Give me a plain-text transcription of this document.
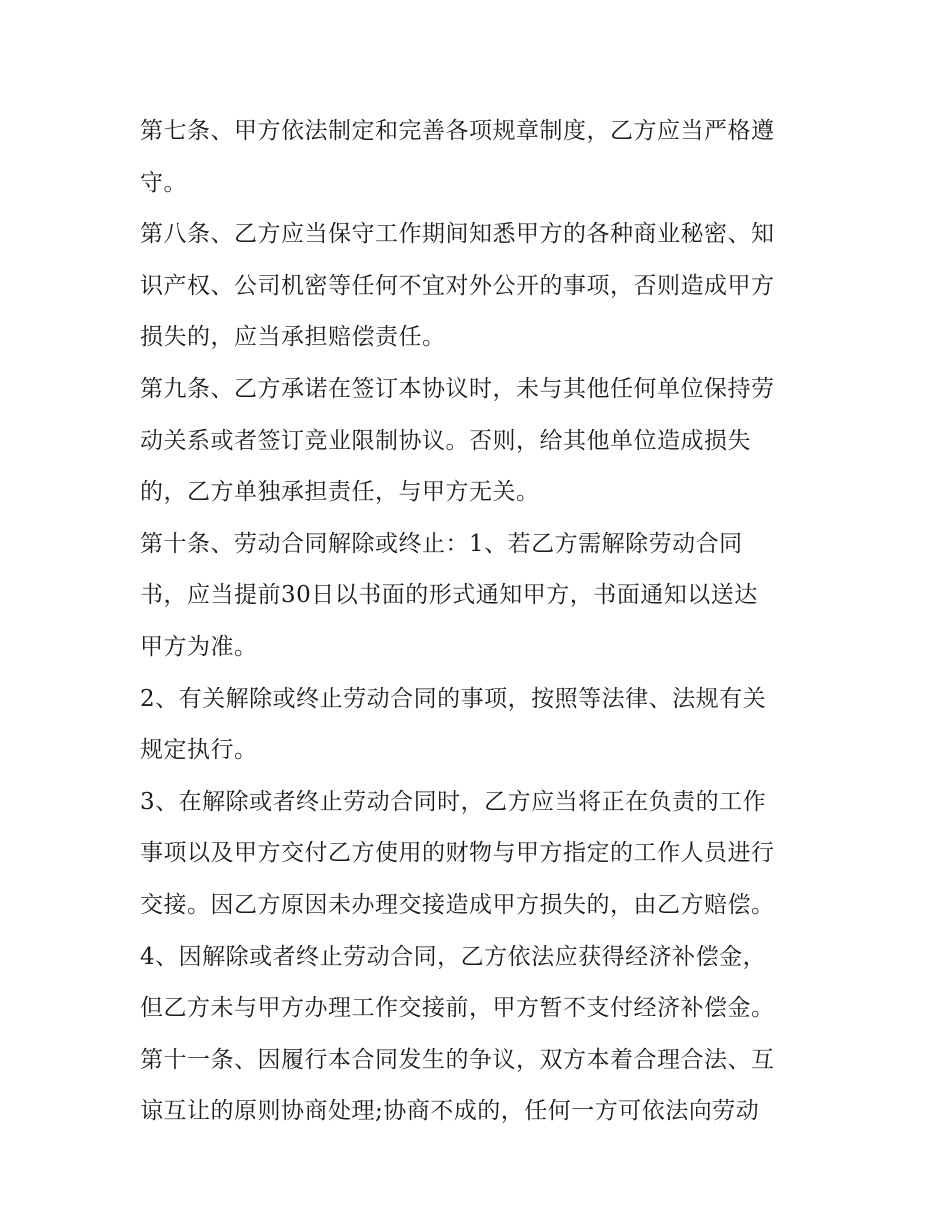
第七条、甲方依法制定和完善各项规章制度，乙方应当严格遵
守。
第八条、乙方应当保守工作期间知悉甲方的各种商业秘密、知
识产权、公司机密等任何不宜对外公开的事项，否则造成甲方
损失的，应当承担赔偿责任。
第九条、乙方承诺在签订本协议时，未与其他任何单位保持劳
动关系或者签订竞业限制协议。否则，给其他单位造成损失
的，乙方单独承担责任，与甲方无关。
第十条、劳动合同解除或终止：1、若乙方需解除劳动合同
书，应当提前30日以书面的形式通知甲方，书面通知以送达
甲方为准。
2、有关解除或终止劳动合同的事项，按照等法律、法规有关
规定执行。
3、在解除或者终止劳动合同时，乙方应当将正在负责的工作
事项以及甲方交付乙方使用的财物与甲方指定的工作人员进行
交接。因乙方原因未办理交接造成甲方损失的，由乙方赔偿。
4、因解除或者终止劳动合同，乙方依法应获得经济补偿金，
但乙方未与甲方办理工作交接前，甲方暂不支付经济补偿金。
第十一条、因履行本合同发生的争议，双方本着合理合法、互
谅互让的原则协商处理;协商不成的，任何一方可依法向劳动
